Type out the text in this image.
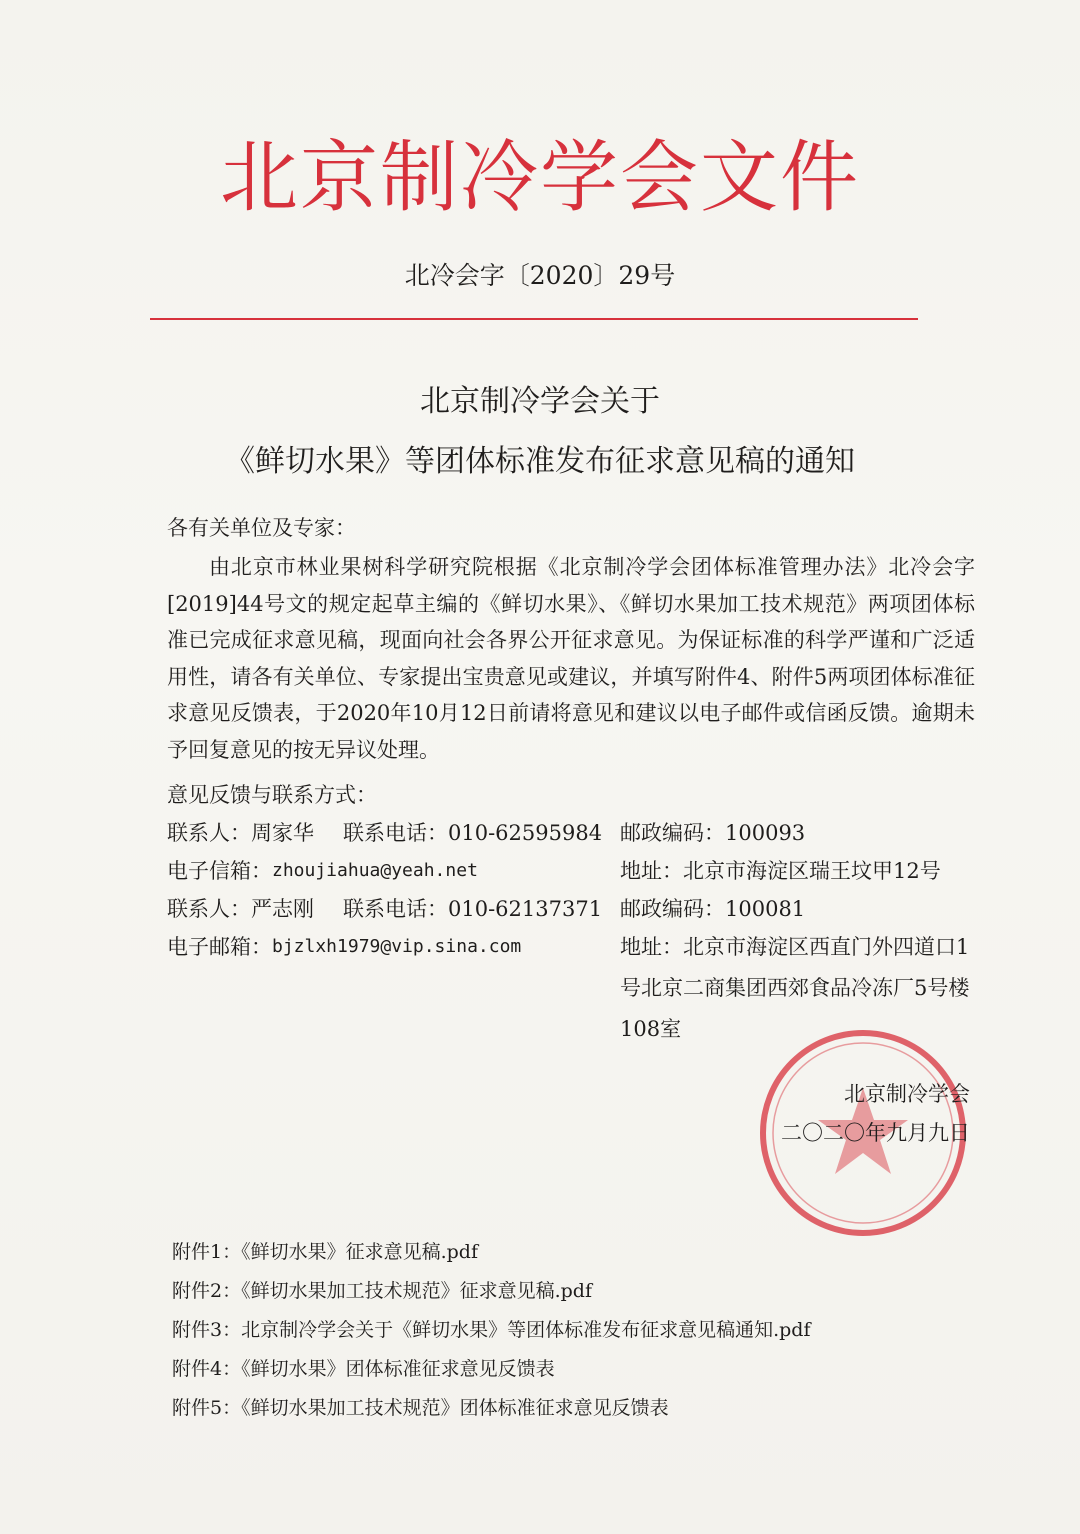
北京制冷学会文件
北冷会字〔2020〕29号
北京制冷学会关于
《鲜切水果》等团体标准发布征求意见稿的通知
各有关单位及专家：
由北京市林业果树科学研究院根据《北京制冷学会团体标准管理办法》北冷会字[2019]44号文的规定起草主编的《鲜切水果》、《鲜切水果加工技术规范》两项团体标准已完成征求意见稿，现面向社会各界公开征求意见。为保证标准的科学严谨和广泛适用性，请各有关单位、专家提出宝贵意见或建议，并填写附件4、附件5两项团体标准征求意见反馈表，于2020年10月12日前请将意见和建议以电子邮件或信函反馈。逾期未予回复意见的按无异议处理。
意见反馈与联系方式：
联系人：周家华 联系电话：010-62595984 邮政编码：100093
电子信箱： zhoujiahua@yeah.net	地址：北京市海淀区瑞王坟甲12号
联系人：严志刚 联系电话：010-62137371 邮政编码：100081
电子邮箱： bjzlxh1979@vip.sina.com	地址：北京市海淀区西直门外四道口1号北京二商集团西郊食品冷冻厂5号楼108室
北京制冷学会
二〇二〇年九月九日
附件1：《鲜切水果》征求意见稿.pdf
附件2：《鲜切水果加工技术规范》征求意见稿.pdf
附件3：北京制冷学会关于《鲜切水果》等团体标准发布征求意见稿通知.pdf
附件4：《鲜切水果》团体标准征求意见反馈表
附件5：《鲜切水果加工技术规范》团体标准征求意见反馈表
